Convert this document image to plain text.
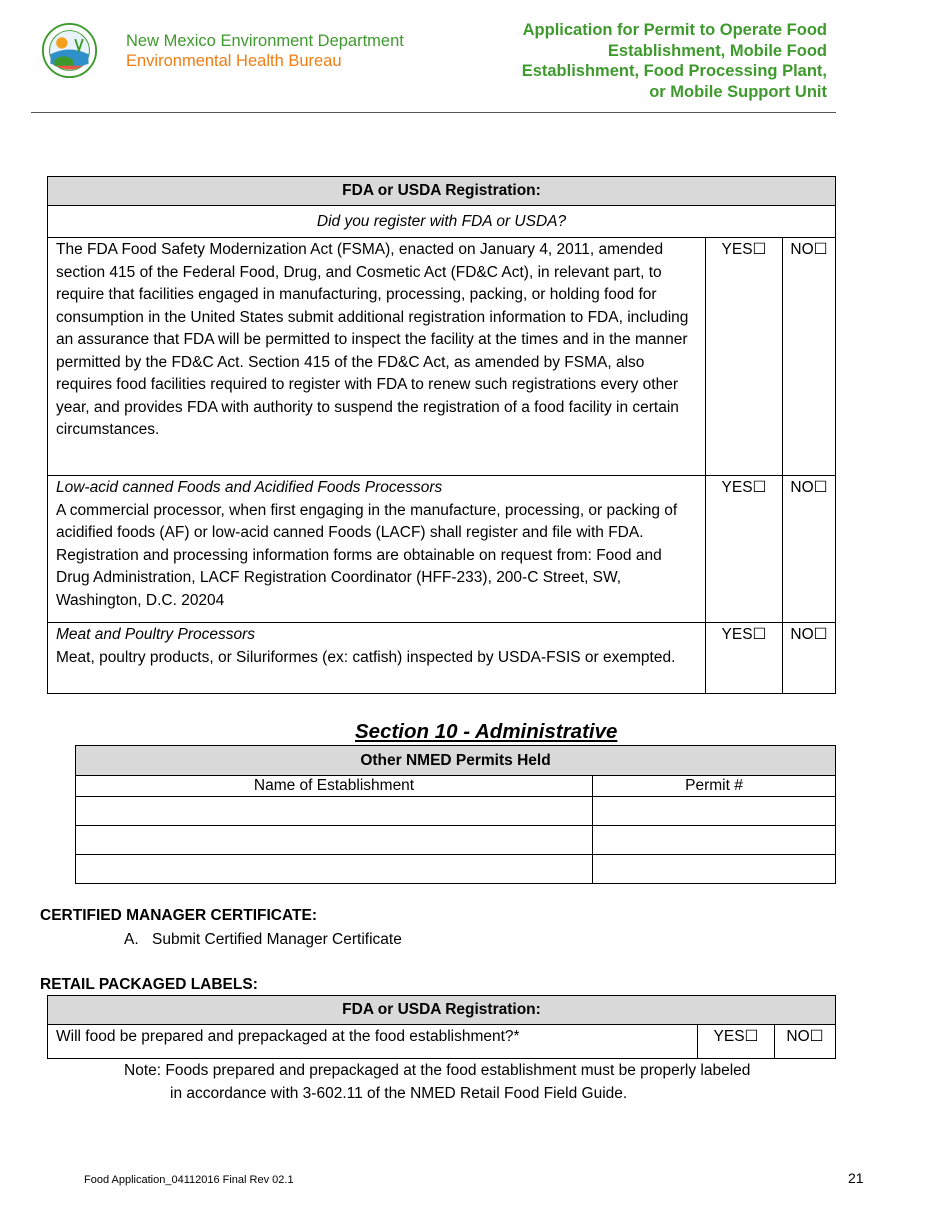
New Mexico Environment Department
Environmental Health Bureau
Application for Permit to Operate Food
Establishment, Mobile Food
Establishment, Food Processing Plant,
or Mobile Support Unit
FDA or USDA Registration:		
Did you register with FDA or USDA?		
The FDA Food Safety Modernization Act (FSMA), enacted on January 4, 2011, amended section 415 of the Federal Food, Drug, and Cosmetic Act (FD&C Act), in relevant part, to require that facilities engaged in manufacturing, processing, packing, or holding food for consumption in the United States submit additional registration information to FDA, including an assurance that FDA will be permitted to inspect the facility at the times and in the manner permitted by the FD&C Act. Section 415 of the FD&C Act, as amended by FSMA, also requires food facilities required to register with FDA to renew such registrations every other year, and provides FDA with authority to suspend the registration of a food facility in certain circumstances.	YES☐	NO☐

Low-acid canned Foods and Acidified Foods Processors
A commercial processor, when first engaging in the manufacture, processing, or packing of acidified foods (AF) or low-acid canned Foods (LACF) shall register and file with FDA. Registration and processing information forms are obtainable on request from: Food and Drug Administration, LACF Registration Coordinator (HFF-233), 200-C Street, SW, Washington, D.C. 20204	YES☐	NO☐

Meat and Poultry Processors
Meat, poultry products, or Siluriformes (ex: catfish) inspected by USDA-FSIS or exempted.	YES☐	NO☐
Section 10 - Administrative
Other NMED Permits Held	
Name of Establishment	Permit #

CERTIFIED MANAGER CERTIFICATE:
A. Submit Certified Manager Certificate
RETAIL PACKAGED LABELS:
FDA or USDA Registration:
Will food be prepared and prepackaged at the food establishment?*	YES☐	NO☐
Note: Foods prepared and prepackaged at the food establishment must be properly labeled
in accordance with 3-602.11 of the NMED Retail Food Field Guide.
Food Application_04112016 Final Rev 02.1	21
